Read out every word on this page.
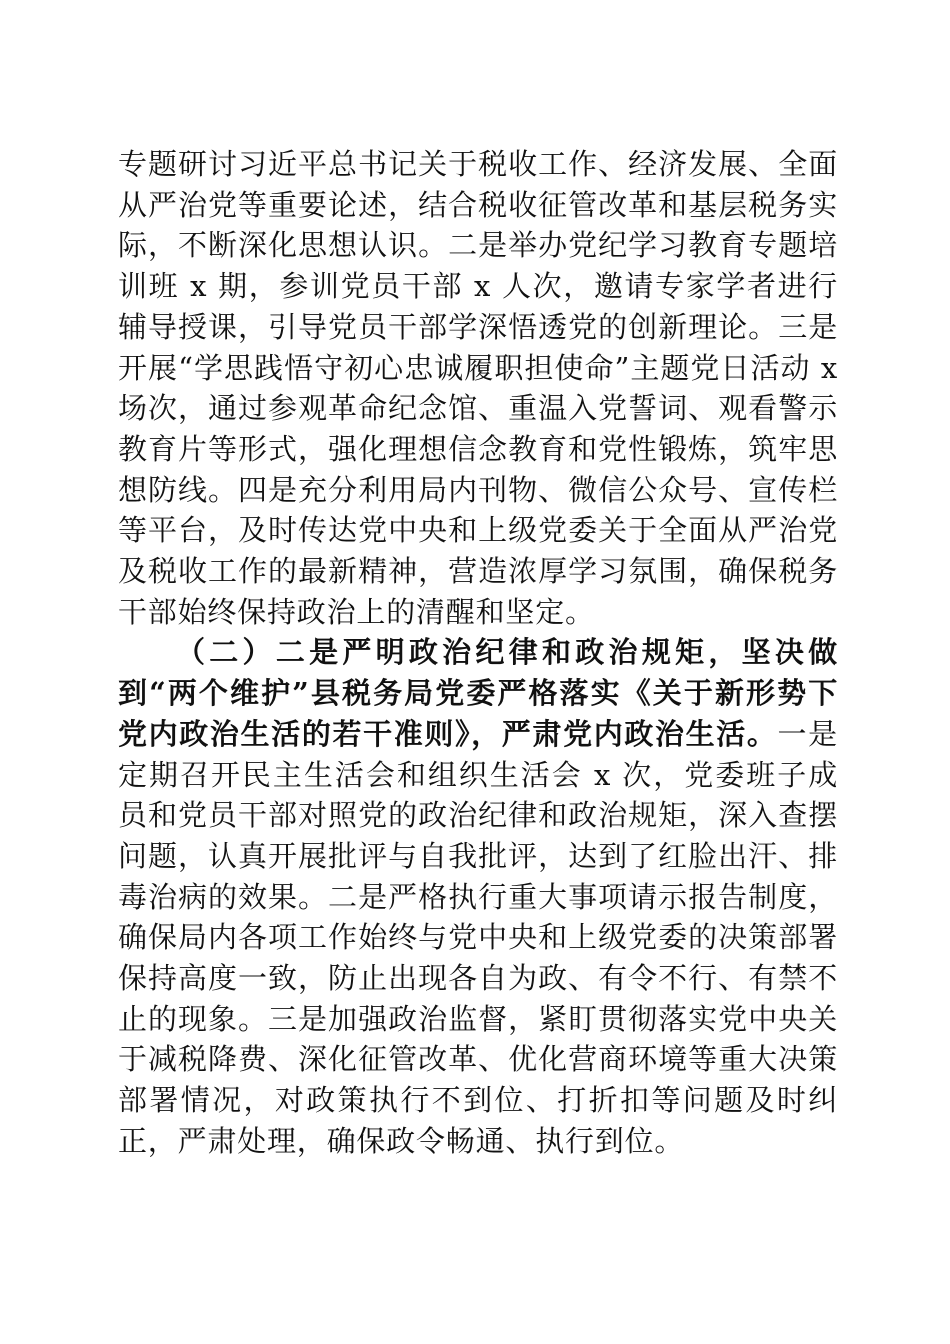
专题研讨习近平总书记关于税收工作、经济发展、全面从严治党等重要论述，结合税收征管改革和基层税务实际，不断深化思想认识。二是举办党纪学习教育专题培训班 x 期，参训党员干部 x 人次，邀请专家学者进行辅导授课，引导党员干部学深悟透党的创新理论。三是开展“学思践悟守初心忠诚履职担使命”主题党日活动 x 场次，通过参观革命纪念馆、重温入党誓词、观看警示教育片等形式，强化理想信念教育和党性锻炼，筑牢思想防线。四是充分利用局内刊物、微信公众号、宣传栏等平台，及时传达党中央和上级党委关于全面从严治党及税收工作的最新精神，营造浓厚学习氛围，确保税务干部始终保持政治上的清醒和坚定。

（二）二是严明政治纪律和政治规矩，坚决做到“两个维护”县税务局党委严格落实《关于新形势下党内政治生活的若干准则》，严肃党内政治生活。一是定期召开民主生活会和组织生活会 x 次，党委班子成员和党员干部对照党的政治纪律和政治规矩，深入查摆问题，认真开展批评与自我批评，达到了红脸出汗、排毒治病的效果。二是严格执行重大事项请示报告制度，确保局内各项工作始终与党中央和上级党委的决策部署保持高度一致，防止出现各自为政、有令不行、有禁不止的现象。三是加强政治监督，紧盯贯彻落实党中央关于减税降费、深化征管改革、优化营商环境等重大决策部署情况，对政策执行不到位、打折扣等问题及时纠正，严肃处理，确保政令畅通、执行到位。
